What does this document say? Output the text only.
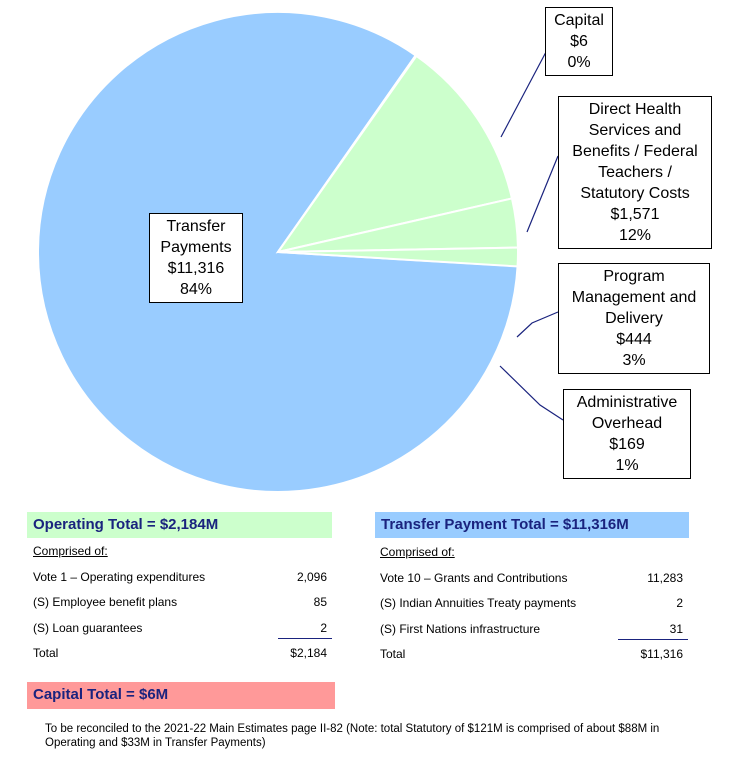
Transfer
Payments
$11,316
84%
Capital
$6
0%
Direct Health
Services and
Benefits / Federal
Teachers /
Statutory Costs
$1,571
12%
Program
Management and
Delivery
$444
3%
Administrative
Overhead
$169
1%
Operating Total = $2,184M
Comprised of:
Vote 1 – Operating expenditures	2,096
(S) Employee benefit plans	85
(S) Loan guarantees	2
Total	$2,184
Transfer Payment Total = $11,316M
Comprised of:
Vote 10 – Grants and Contributions	11,283
(S) Indian Annuities Treaty payments	2
(S) First Nations infrastructure	31
Total	$11,316
Capital Total = $6M
To be reconciled to the 2021-22 Main Estimates page II-82 (Note: total Statutory of $121M is comprised of about $88M in Operating and $33M in Transfer Payments)
